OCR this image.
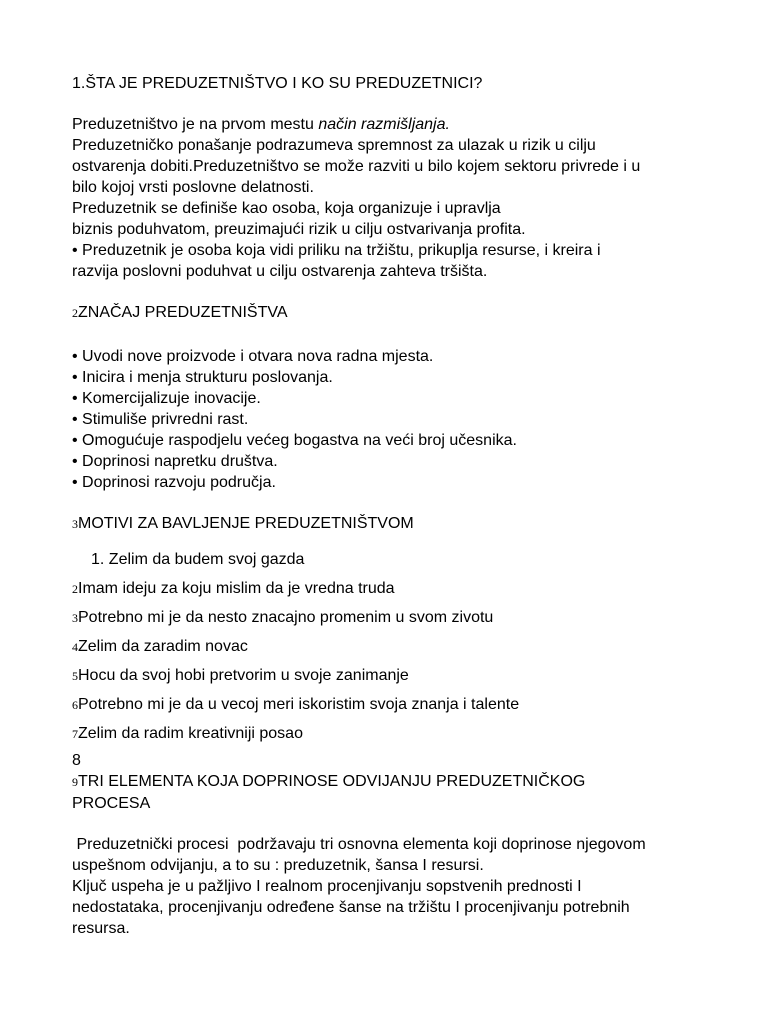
1.ŠTA JE PREDUZETNIŠTVO I KO SU PREDUZETNICI?
Preduzetništvo je na prvom mestu način razmišljanja.
Preduzetničko ponašanje podrazumeva spremnost za ulazak u rizik u cilju
ostvarenja dobiti.Preduzetništvo se može razviti u bilo kojem sektoru privrede i u
bilo kojoj vrsti poslovne delatnosti.
Preduzetnik se definiše kao osoba, koja organizuje i upravlja
biznis poduhvatom, preuzimajući rizik u cilju ostvarivanja profita.
• Preduzetnik je osoba koja vidi priliku na tržištu, prikuplja resurse, i kreira i
razvija poslovni poduhvat u cilju ostvarenja zahteva tršišta.
2ZNAČAJ PREDUZETNIŠTVA
• Uvodi nove proizvode i otvara nova radna mjesta.
• Inicira i menja strukturu poslovanja.
• Komercijalizuje inovacije.
• Stimuliše privredni rast.
• Omogućuje raspodjelu većeg bogastva na veći broj učesnika.
• Doprinosi napretku društva.
• Doprinosi razvoju područja.
3MOTIVI ZA BAVLJENJE PREDUZETNIŠTVOM
1. Zelim da budem svoj gazda
2Imam ideju za koju mislim da je vredna truda
3Potrebno mi je da nesto znacajno promenim u svom zivotu
4Zelim da zaradim novac
5Hocu da svoj hobi pretvorim u svoje zanimanje
6Potrebno mi je da u vecoj meri iskoristim svoja znanja i talente
7Zelim da radim kreativniji posao
8
9TRI ELEMENTA KOJA DOPRINOSE ODVIJANJU PREDUZETNIČKOG
PROCESA
Preduzetnički procesi  podržavaju tri osnovna elementa koji doprinose njegovom
uspešnom odvijanju, a to su : preduzetnik, šansa I resursi.
Ključ uspeha je u pažljivo I realnom procenjivanju sopstvenih prednosti I
nedostataka, procenjivanju određene šanse na tržištu I procenjivanju potrebnih
resursa.
